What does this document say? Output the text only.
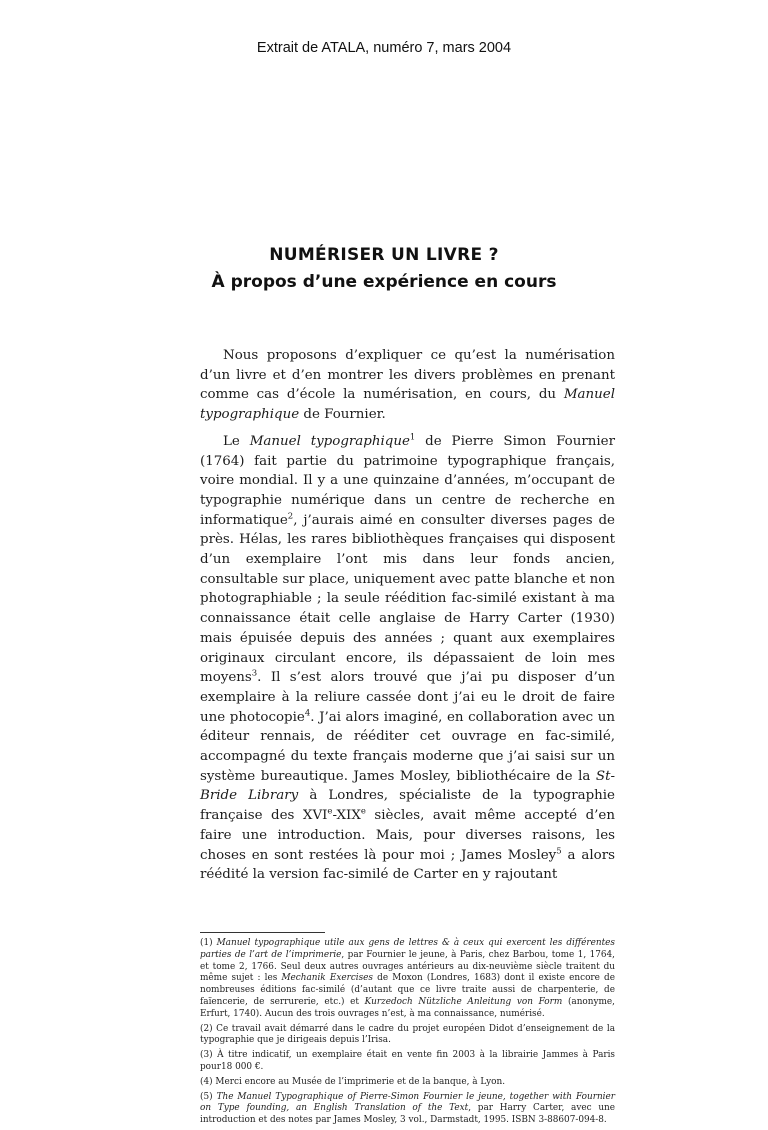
Extrait de ATALA, numéro 7, mars 2004
NUMÉRISER UN LIVRE ?
À propos d’une expérience en cours

Nous proposons d’expliquer ce qu’est la numérisation d’un livre et d’en montrer les divers problèmes en prenant comme cas d’école la numérisation, en cours, du Manuel typographique de Fournier.

Le Manuel typographique$^1$ de Pierre Simon Fournier (1764) fait partie du patrimoine typographique français, voire mondial. Il y a une quinzaine d’années, m’occupant de typographie numérique dans un centre de recherche en informatique$^2$, j’aurais aimé en consulter diverses pages de près. Hélas, les rares bibliothèques françaises qui disposent d’un exemplaire l’ont mis dans leur fonds ancien, consultable sur place, uniquement avec patte blanche et non photographiable ; la seule réédition fac-similé existant à ma connaissance était celle anglaise de Harry Carter (1930) mais épuisée depuis des années ; quant aux exemplaires originaux circulant encore, ils dépassaient de loin mes moyens$^3$. Il s’est alors trouvé que j’ai pu disposer d’un exemplaire à la reliure cassée dont j’ai eu le droit de faire une photocopie$^4$. J’ai alors imaginé, en collaboration avec un éditeur rennais, de rééditer cet ouvrage en fac-similé, accompagné du texte français moderne que j’ai saisi sur un système bureautique. James Mosley, bibliothécaire de la St-Bride Library à Londres, spécialiste de la typographie française des XVIe-XIXe siècles, avait même accepté d’en faire une introduction. Mais, pour diverses raisons, les choses en sont restées là pour moi ; James Mosley$^5$ a alors réédité la version fac-similé de Carter en y rajoutant

(1) Manuel typographique utile aux gens de lettres & à ceux qui exercent les différentes parties de l’art de l’imprimerie, par Fournier le jeune, à Paris, chez Barbou, tome 1, 1764, et tome 2, 1766. Seul deux autres ouvrages antérieurs au dix-neuvième siècle traitent du même sujet : les Mechanik Exercises de Moxon (Londres, 1683) dont il existe encore de nombreuses éditions fac-similé (d’autant que ce livre traite aussi de charpenterie, de faïencerie, de serrurerie, etc.) et Kurzedoch Nützliche Anleitung von Form (anonyme, Erfurt, 1740). Aucun des trois ouvrages n’est, à ma connaissance, numérisé.

(2) Ce travail avait démarré dans le cadre du projet européen Didot d’enseignement de la typographie que je dirigeais depuis l’Irisa.

(3) À titre indicatif, un exemplaire était en vente fin 2003 à la librairie Jammes à Paris pour18 000 €.

(4) Merci encore au Musée de l’imprimerie et de la banque, à Lyon.

(5) The Manuel Typographique of Pierre-Simon Fournier le jeune, together with Fournier on Type founding, an English Translation of the Text, par Harry Carter, avec une introduction et des notes par James Mosley, 3 vol., Darmstadt, 1995. ISBN 3-88607-094-8.
